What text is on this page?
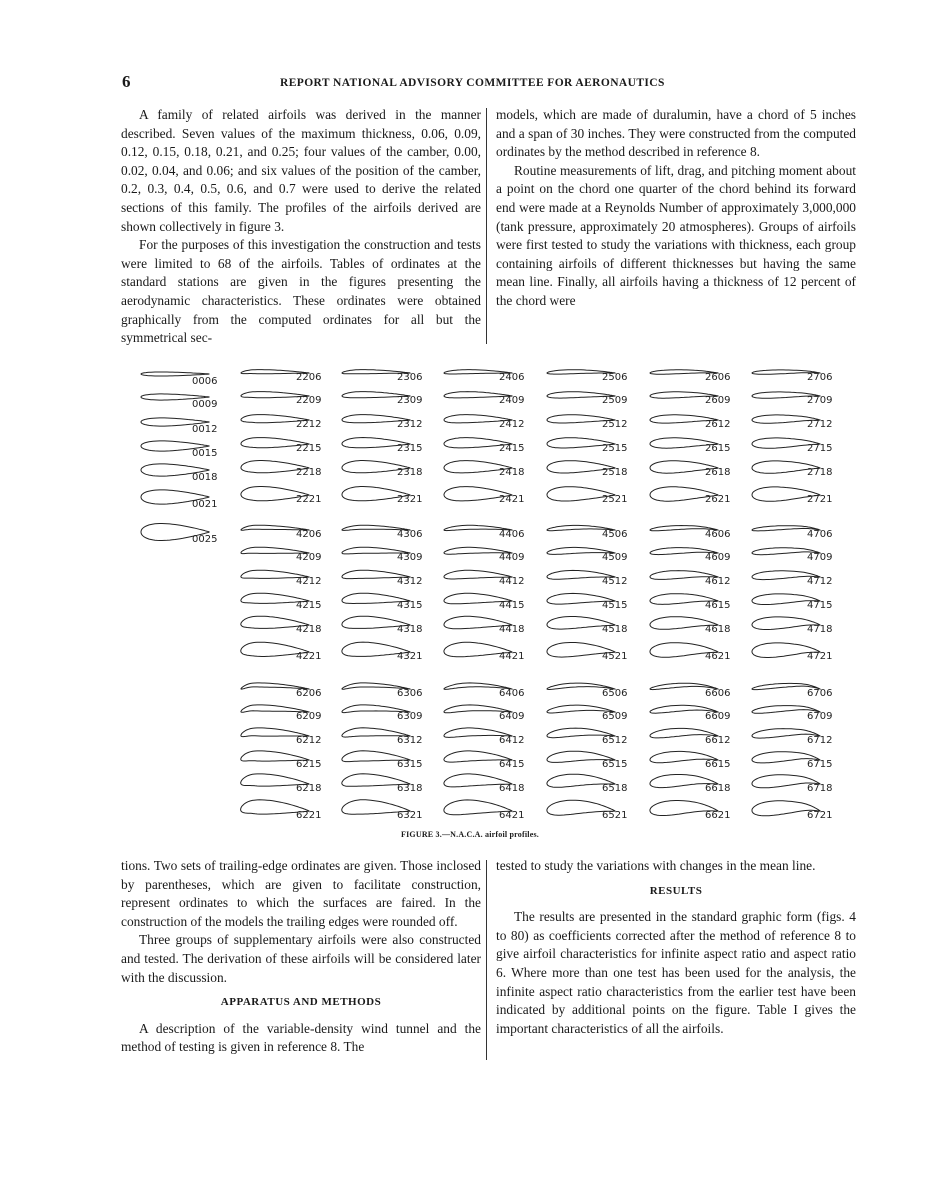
6	REPORT NATIONAL ADVISORY COMMITTEE FOR AERONAUTICS

A family of related airfoils was derived in the manner described. Seven values of the maximum thickness, 0.06, 0.09, 0.12, 0.15, 0.18, 0.21, and 0.25; four values of the camber, 0.00, 0.02, 0.04, and 0.06; and six values of the position of the camber, 0.2, 0.3, 0.4, 0.5, 0.6, and 0.7 were used to derive the related sections of this family. The profiles of the airfoils derived are shown collectively in figure 3.

For the purposes of this investigation the construction and tests were limited to 68 of the airfoils. Tables of ordinates at the standard stations are given in the figures presenting the aerodynamic characteristics. These ordinates were obtained graphically from the computed ordinates for all but the symmetrical sec-

models, which are made of duralumin, have a chord of 5 inches and a span of 30 inches. They were constructed from the computed ordinates by the method described in reference 8.

Routine measurements of lift, drag, and pitching moment about a point on the chord one quarter of the chord behind its forward end were made at a Reynolds Number of approximately 3,000,000 (tank pressure, approximately 20 atmospheres). Groups of airfoils were first tested to study the variations with thickness, each group containing airfoils of different thicknesses but having the same mean line. Finally, all airfoils having a thickness of 12 percent of the chord were

0006
0009
0012
0015
0018
0021
0025
2206
2209
2212
2215
2218
2221
2306
2309
2312
2315
2318
2321
2406
2409
2412
2415
2418
2421
2506
2509
2512
2515
2518
2521
2606
2609
2612
2615
2618
2621
2706
2709
2712
2715
2718
2721
4206
4209
4212
4215
4218
4221
4306
4309
4312
4315
4318
4321
4406
4409
4412
4415
4418
4421
4506
4509
4512
4515
4518
4521
4606
4609
4612
4615
4618
4621
4706
4709
4712
4715
4718
4721
6206
6209
6212
6215
6218
6221
6306
6309
6312
6315
6318
6321
6406
6409
6412
6415
6418
6421
6506
6509
6512
6515
6518
6521
6606
6609
6612
6615
6618
6621
6706
6709
6712
6715
6718
6721
FIGURE 3.—N.A.C.A. airfoil profiles.

tions. Two sets of trailing-edge ordinates are given. Those inclosed by parentheses, which are given to facilitate construction, represent ordinates to which the surfaces are faired. In the construction of the models the trailing edges were rounded off.

Three groups of supplementary airfoils were also constructed and tested. The derivation of these airfoils will be considered later with the discussion.

APPARATUS AND METHODS

A description of the variable-density wind tunnel and the method of testing is given in reference 8. The

tested to study the variations with changes in the mean line.

RESULTS

The results are presented in the standard graphic form (figs. 4 to 80) as coefficients corrected after the method of reference 8 to give airfoil characteristics for infinite aspect ratio and aspect ratio 6. Where more than one test has been used for the analysis, the infinite aspect ratio characteristics from the earlier test have been indicated by additional points on the figure. Table I gives the important characteristics of all the airfoils.
